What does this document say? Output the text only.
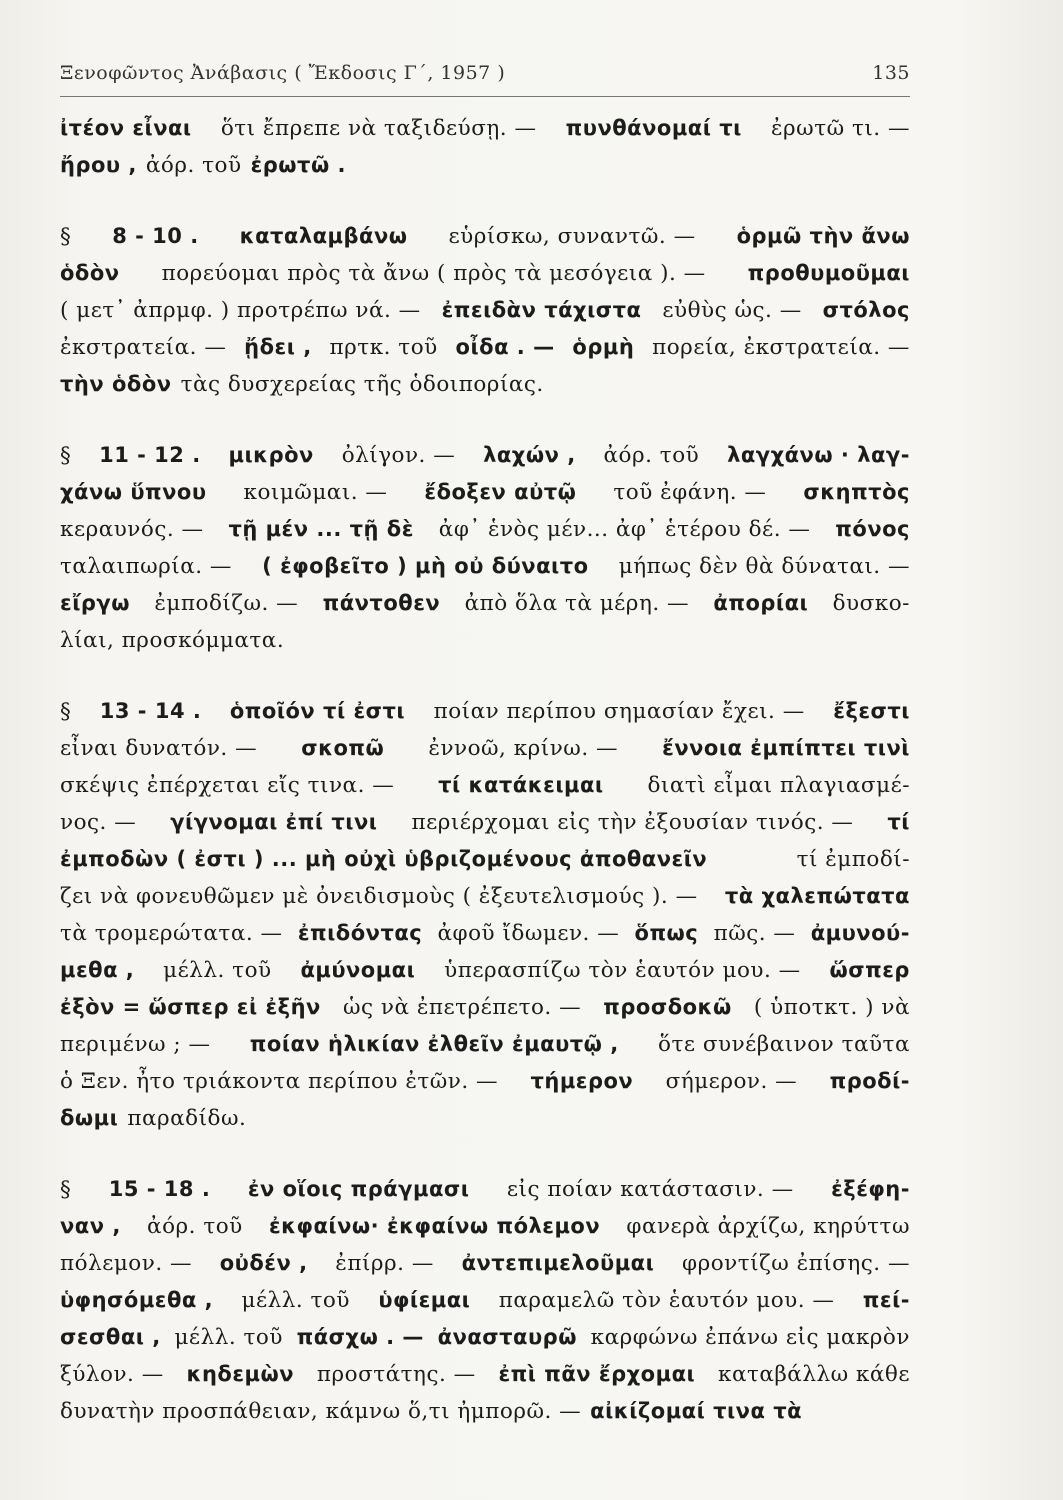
Ξενοφῶντος Ἀνάβασις ( Ἔκδοσις Γ΄, 1957 )	135
ἰτέον εἶναι ὅτι ἔπρεπε νὰ ταξιδεύσῃ. — πυνθάνομαί τι ἐρωτῶ τι. —
ἤρου , ἀόρ. τοῦ ἐρωτῶ .
§ 8 - 10 . καταλαμβάνω εὑρίσκω, συναντῶ. — ὁρμῶ τὴν ἄνω
ὁδὸν πορεύομαι πρὸς τὰ ἄνω ( πρὸς τὰ μεσόγεια ). — προθυμοῦμαι
( μετ᾽ ἀπρμφ. ) προτρέπω νά. — ἐπειδὰν τάχιστα εὐθὺς ὡς. — στόλος
ἐκστρατεία. — ᾔδει , πρτκ. τοῦ οἶδα . — ὁρμὴ πορεία, ἐκστρατεία. —
τὴν ὁδὸν τὰς δυσχερείας τῆς ὁδοιπορίας.
§ 11 - 12 . μικρὸν ὀλίγον. — λαχών , ἀόρ. τοῦ λαγχάνω · λαγ-
χάνω ὕπνου κοιμῶμαι. — ἔδοξεν αὐτῷ τοῦ ἐφάνη. — σκηπτὸς
κεραυνός. — τῇ μέν ... τῇ δὲ ἀφ᾽ ἑνὸς μέν... ἀφ᾽ ἑτέρου δέ. — πόνος
ταλαιπωρία. — ( ἐφοβεῖτο ) μὴ οὐ δύναιτο μήπως δὲν θὰ δύναται. —
εἴργω ἐμποδίζω. — πάντοθεν ἀπὸ ὅλα τὰ μέρη. — ἀπορίαι δυσκο-
λίαι, προσκόμματα.
§ 13 - 14 . ὁποῖόν τί ἐστι ποίαν περίπου σημασίαν ἔχει. — ἔξεστι
εἶναι δυνατόν. — σκοπῶ ἐννοῶ, κρίνω. — ἔννοια ἐμπίπτει τινὶ
σκέψις ἐπέρχεται εἴς τινα. — τί κατάκειμαι διατὶ εἶμαι πλαγιασμέ-
νος. — γίγνομαι ἐπί τινι περιέρχομαι εἰς τὴν ἐξουσίαν τινός. — τί
ἐμποδὼν ( ἐστι ) ... μὴ οὐχὶ ὑβριζομένους ἀποθανεῖν	τί ἐμποδί-
ζει νὰ φονευθῶμεν μὲ ὀνειδισμοὺς ( ἐξευτελισμούς ). — τὰ χαλεπώτατα
τὰ τρομερώτατα. — ἐπιδόντας ἀφοῦ ἴδωμεν. — ὅπως πῶς. — ἀμυνού-
μεθα , μέλλ. τοῦ ἀμύνομαι ὑπερασπίζω τὸν ἑαυτόν μου. — ὥσπερ
ἐξὸν = ὥσπερ εἰ ἐξῆν ὡς νὰ ἐπετρέπετο. — προσδοκῶ ( ὑποτκτ. ) νὰ
περιμένω ; — ποίαν ἡλικίαν ἐλθεῖν ἐμαυτῷ , ὅτε συνέβαινον ταῦτα
ὁ Ξεν. ἦτο τριάκοντα περίπου ἐτῶν. — τήμερον σήμερον. — προδί-
δωμι παραδίδω.
§ 15 - 18 . ἐν οἵοις πράγμασι εἰς ποίαν κατάστασιν. — ἐξέφη-
ναν , ἀόρ. τοῦ ἐκφαίνω· ἐκφαίνω πόλεμον φανερὰ ἀρχίζω, κηρύττω
πόλεμον. — οὐδέν , ἐπίρρ. — ἀντεπιμελοῦμαι φροντίζω ἐπίσης. —
ὑφησόμεθα , μέλλ. τοῦ ὑφίεμαι παραμελῶ τὸν ἑαυτόν μου. — πεί-
σεσθαι , μέλλ. τοῦ πάσχω . — ἀνασταυρῶ καρφώνω ἐπάνω εἰς μακρὸν
ξύλον. — κηδεμὼν προστάτης. — ἐπὶ πᾶν ἔρχομαι καταβάλλω κάθε
δυνατὴν προσπάθειαν, κάμνω ὅ,τι ἠμπορῶ. — αἰκίζομαί τινα τὰ
